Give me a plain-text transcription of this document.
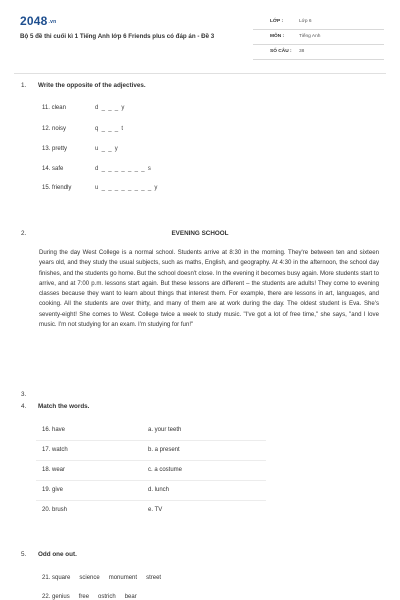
2048.vn
Bộ 5 đề thi cuối kì 1 Tiếng Anh lớp 6 Friends plus có đáp án - Đề 3
LỚP :	Lớp 6
MÔN :	Tiếng Anh
SỐ CÂU : 38
1. Write the opposite of the adjectives.
11. clean	d _ _ _ y
12. noisy	q _ _ _ t
13. pretty	u _ _ y
14. safe	d _ _ _ _ _ _ _ s
15. friendly	u _ _ _ _ _ _ _ _ y
2.	EVENING SCHOOL
During the day West College is a normal school. Students arrive at 8:30 in the morning. They're between ten and sixteen years old, and they study the usual subjects, such as maths, English, and geography. At 4:30 in the afternoon, the school day finishes, and the students go home. But the school doesn't close. In the evening it becomes busy again. More students start to arrive, and at 7:00 p.m. lessons start again. But these lessons are different – the students are adults! They come to evening classes because they want to learn about things that interest them. For example, there are lessons in art, languages, and cooking. All the students are over thirty, and many of them are at work during the day. The oldest student is Eva. She's seventy-eight! She comes to West. College twice a week to study music. "I've got a lot of free time," she says, "and I love music. I'm not studying for an exam. I'm studying for fun!"
3.
4. Match the words.
16. have	a. your teeth
17. watch	b. a present
18. wear	c. a costume
19. give	d. lunch
20. brush	e. TV
5. Odd one out.
21. square science monument street
22. genius free ostrich bear
